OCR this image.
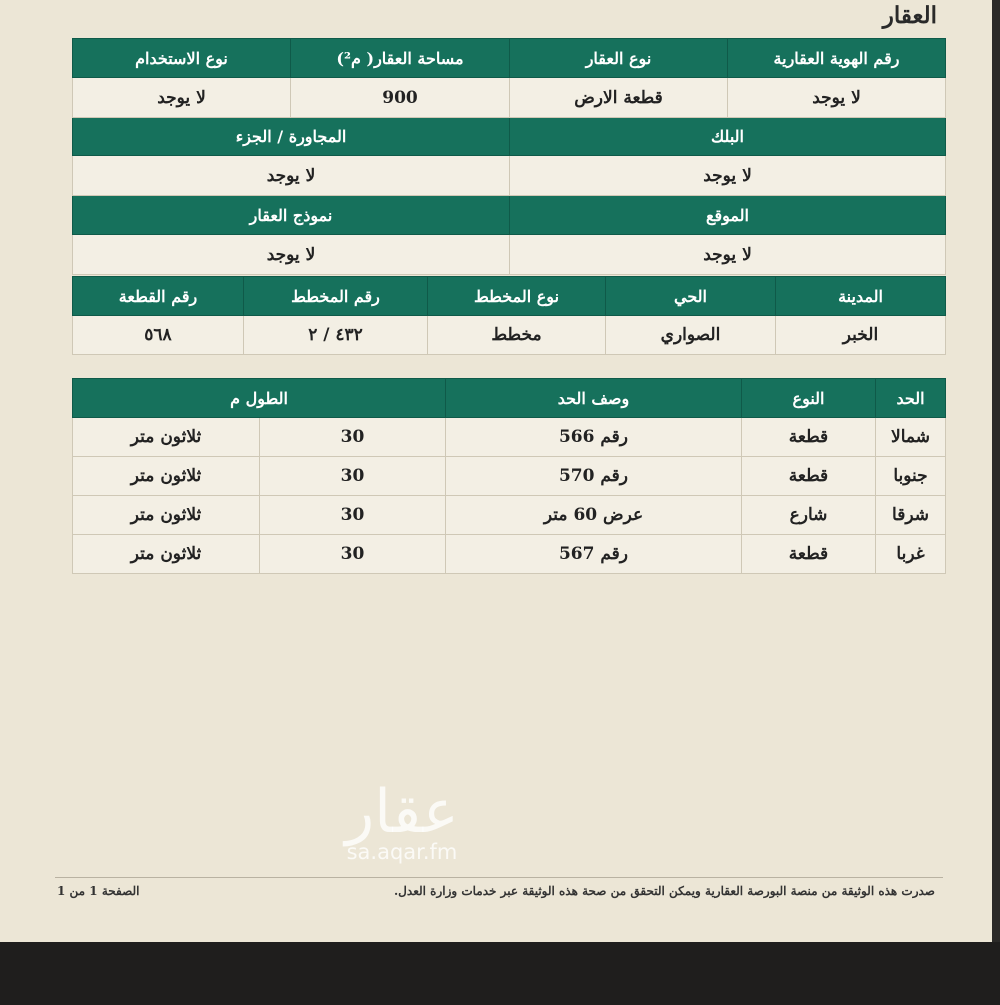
العقار
رقم الهوية العقارية	نوع العقار	مساحة العقار( م²)	نوع الاستخدام
لا يوجد	قطعة الارض	900	لا يوجد
البلك		المجاورة / الجزء	
لا يوجد		لا يوجد	
الموقع		نموذج العقار	
لا يوجد		لا يوجد	
المدينة	الحي	نوع المخطط	رقم المخطط	رقم القطعة
الخبر	الصواري	مخطط	٤٣٢ / ٢	٥٦٨
الحد	النوع	وصف الحد	الطول م	
شمالا	قطعة	رقم 566	30	ثلاثون متر
جنوبا	قطعة	رقم 570	30	ثلاثون متر
شرقا	شارع	عرض 60 متر	30	ثلاثون متر
غربا	قطعة	رقم 567	30	ثلاثون متر
عقار
sa.aqar.fm
صدرت هذه الوثيقة من منصة البورصة العقارية ويمكن التحقق من صحة هذه الوثيقة عبر خدمات وزارة العدل.
الصفحة 1 من 1
